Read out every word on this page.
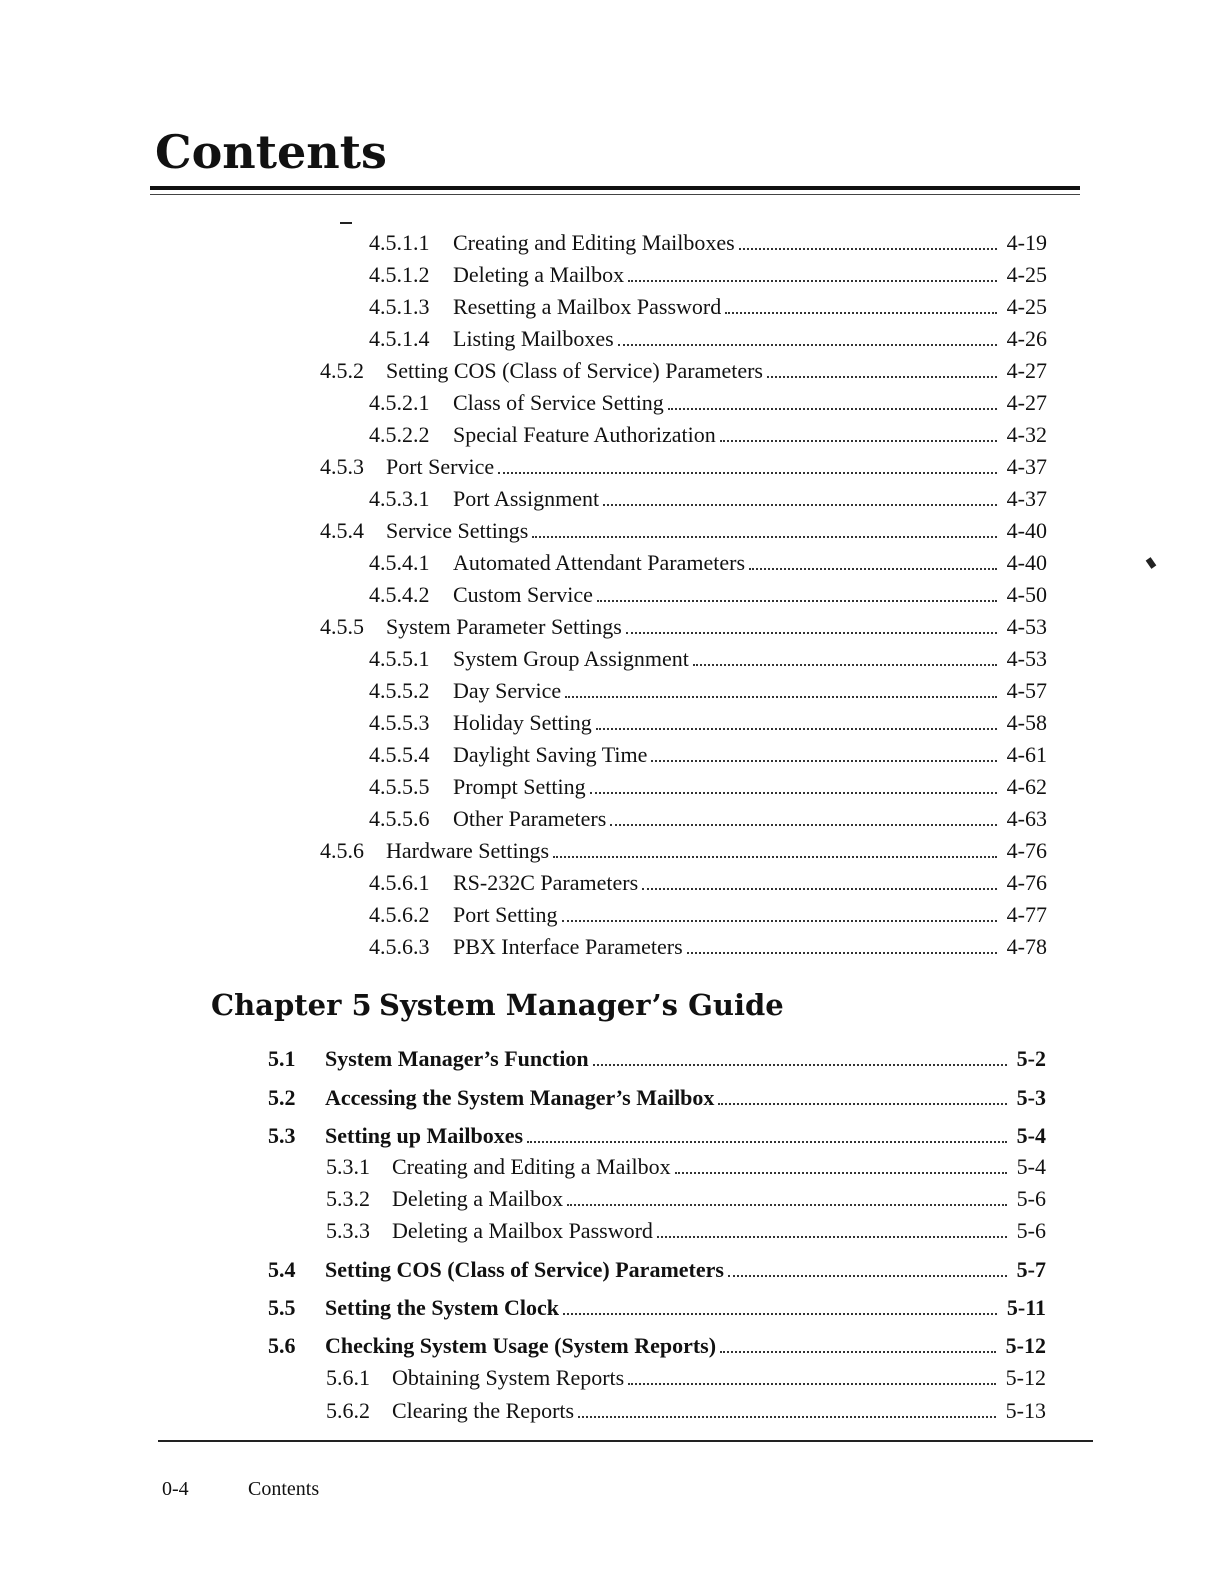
Contents
4.5.1.1	Creating and Editing Mailboxes	4-19
4.5.1.2	Deleting a Mailbox	4-25
4.5.1.3	Resetting a Mailbox Password	4-25
4.5.1.4	Listing Mailboxes	4-26
4.5.2	Setting COS (Class of Service) Parameters	4-27
4.5.2.1	Class of Service Setting	4-27
4.5.2.2	Special Feature Authorization	4-32
4.5.3	Port Service	4-37
4.5.3.1	Port Assignment	4-37
4.5.4	Service Settings	4-40
4.5.4.1	Automated Attendant Parameters	4-40
4.5.4.2	Custom Service	4-50
4.5.5	System Parameter Settings	4-53
4.5.5.1	System Group Assignment	4-53
4.5.5.2	Day Service	4-57
4.5.5.3	Holiday Setting	4-58
4.5.5.4	Daylight Saving Time	4-61
4.5.5.5	Prompt Setting	4-62
4.5.5.6	Other Parameters	4-63
4.5.6	Hardware Settings	4-76
4.5.6.1	RS-232C Parameters	4-76
4.5.6.2	Port Setting	4-77
4.5.6.3	PBX Interface Parameters	4-78
Chapter 5 System Manager’s Guide
5.1	System Manager’s Function	5-2
5.2	Accessing the System Manager’s Mailbox	5-3
5.3	Setting up Mailboxes	5-4
5.3.1	Creating and Editing a Mailbox	5-4
5.3.2	Deleting a Mailbox	5-6
5.3.3	Deleting a Mailbox Password	5-6
5.4	Setting COS (Class of Service) Parameters	5-7
5.5	Setting the System Clock	5-11
5.6	Checking System Usage (System Reports)	5-12
5.6.1	Obtaining System Reports	5-12
5.6.2	Clearing the Reports	5-13
0-4	Contents
